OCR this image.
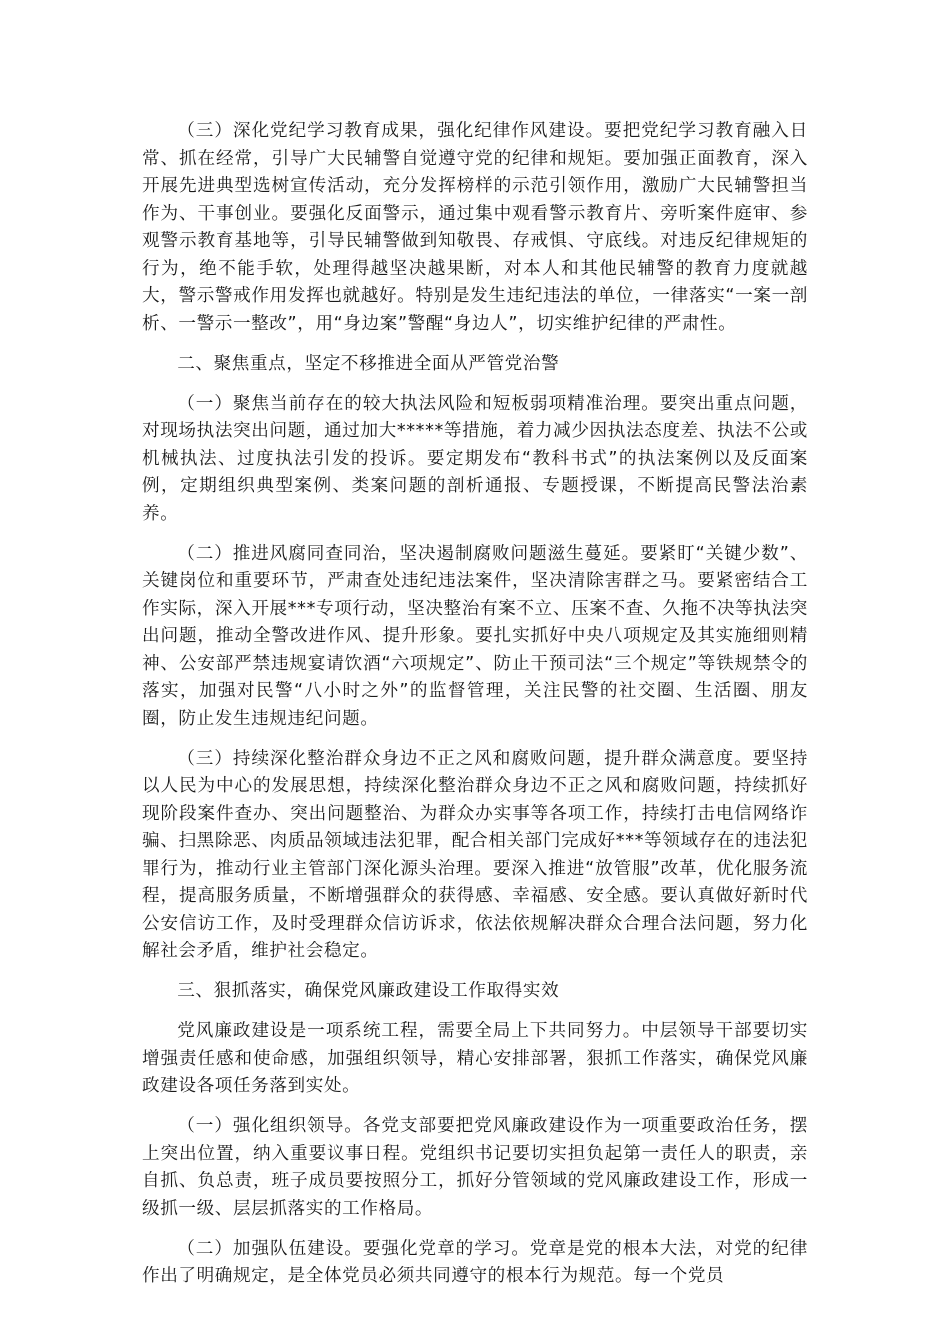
（三）深化党纪学习教育成果，强化纪律作风建设。要把党纪学习教育融入日常、抓在经常，引导广大民辅警自觉遵守党的纪律和规矩。要加强正面教育，深入开展先进典型选树宣传活动，充分发挥榜样的示范引领作用，激励广大民辅警担当作为、干事创业。要强化反面警示，通过集中观看警示教育片、旁听案件庭审、参观警示教育基地等，引导民辅警做到知敬畏、存戒惧、守底线。对违反纪律规矩的行为，绝不能手软，处理得越坚决越果断，对本人和其他民辅警的教育力度就越大，警示警戒作用发挥也就越好。特别是发生违纪违法的单位，一律落实“一案一剖析、一警示一整改”，用“身边案”警醒“身边人”，切实维护纪律的严肃性。

二、聚焦重点，坚定不移推进全面从严管党治警

（一）聚焦当前存在的较大执法风险和短板弱项精准治理。要突出重点问题，对现场执法突出问题，通过加大*****等措施，着力减少因执法态度差、执法不公或机械执法、过度执法引发的投诉。要定期发布“教科书式”的执法案例以及反面案例，定期组织典型案例、类案问题的剖析通报、专题授课，不断提高民警法治素养。

（二）推进风腐同查同治，坚决遏制腐败问题滋生蔓延。要紧盯“关键少数”、关键岗位和重要环节，严肃查处违纪违法案件，坚决清除害群之马。要紧密结合工作实际，深入开展***专项行动，坚决整治有案不立、压案不查、久拖不决等执法突出问题，推动全警改进作风、提升形象。要扎实抓好中央八项规定及其实施细则精神、公安部严禁违规宴请饮酒“六项规定”、防止干预司法“三个规定”等铁规禁令的落实，加强对民警“八小时之外”的监督管理，关注民警的社交圈、生活圈、朋友圈，防止发生违规违纪问题。

（三）持续深化整治群众身边不正之风和腐败问题，提升群众满意度。要坚持以人民为中心的发展思想，持续深化整治群众身边不正之风和腐败问题，持续抓好现阶段案件查办、突出问题整治、为群众办实事等各项工作，持续打击电信网络诈骗、扫黑除恶、肉质品领域违法犯罪，配合相关部门完成好***等领域存在的违法犯罪行为，推动行业主管部门深化源头治理。要深入推进“放管服”改革，优化服务流程，提高服务质量，不断增强群众的获得感、幸福感、安全感。要认真做好新时代公安信访工作，及时受理群众信访诉求，依法依规解决群众合理合法问题，努力化解社会矛盾，维护社会稳定。

三、狠抓落实，确保党风廉政建设工作取得实效

党风廉政建设是一项系统工程，需要全局上下共同努力。中层领导干部要切实增强责任感和使命感，加强组织领导，精心安排部署，狠抓工作落实，确保党风廉政建设各项任务落到实处。

（一）强化组织领导。各党支部要把党风廉政建设作为一项重要政治任务，摆上突出位置，纳入重要议事日程。党组织书记要切实担负起第一责任人的职责，亲自抓、负总责，班子成员要按照分工，抓好分管领域的党风廉政建设工作，形成一级抓一级、层层抓落实的工作格局。

（二）加强队伍建设。要强化党章的学习。党章是党的根本大法，对党的纪律作出了明确规定，是全体党员必须共同遵守的根本行为规范。每一个党员
